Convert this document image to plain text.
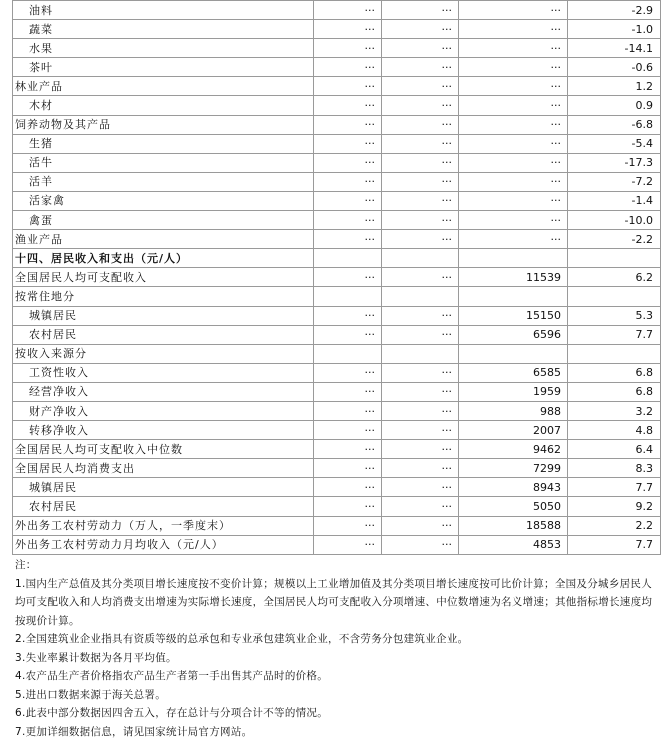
油料	···	···	···	-2.9
蔬菜	···	···	···	-1.0
水果	···	···	···	-14.1
茶叶	···	···	···	-0.6
林业产品	···	···	···	1.2
木材	···	···	···	0.9
饲养动物及其产品	···	···	···	-6.8
生猪	···	···	···	-5.4
活牛	···	···	···	-17.3
活羊	···	···	···	-7.2
活家禽	···	···	···	-1.4
禽蛋	···	···	···	-10.0
渔业产品	···	···	···	-2.2
十四、居民收入和支出（元/人）				
全国居民人均可支配收入	···	···	11539	6.2
按常住地分				
城镇居民	···	···	15150	5.3
农村居民	···	···	6596	7.7
按收入来源分				
工资性收入	···	···	6585	6.8
经营净收入	···	···	1959	6.8
财产净收入	···	···	988	3.2
转移净收入	···	···	2007	4.8
全国居民人均可支配收入中位数	···	···	9462	6.4
全国居民人均消费支出	···	···	7299	8.3
城镇居民	···	···	8943	7.7
农村居民	···	···	5050	9.2
外出务工农村劳动力（万人，一季度末）	···	···	18588	2.2
外出务工农村劳动力月均收入（元/人）	···	···	4853	7.7

注：

1.国内生产总值及其分类项目增长速度按不变价计算；规模以上工业增加值及其分类项目增长速度按可比价计算；全国及分城乡居民人均可支配收入和人均消费支出增速为实际增长速度，全国居民人均可支配收入分项增速、中位数增速为名义增速；其他指标增长速度均按现价计算。

2.全国建筑业企业指具有资质等级的总承包和专业承包建筑业企业，不含劳务分包建筑业企业。

3.失业率累计数据为各月平均值。

4.农产品生产者价格指农产品生产者第一手出售其产品时的价格。

5.进出口数据来源于海关总署。

6.此表中部分数据因四舍五入，存在总计与分项合计不等的情况。

7.更加详细数据信息，请见国家统计局官方网站。
